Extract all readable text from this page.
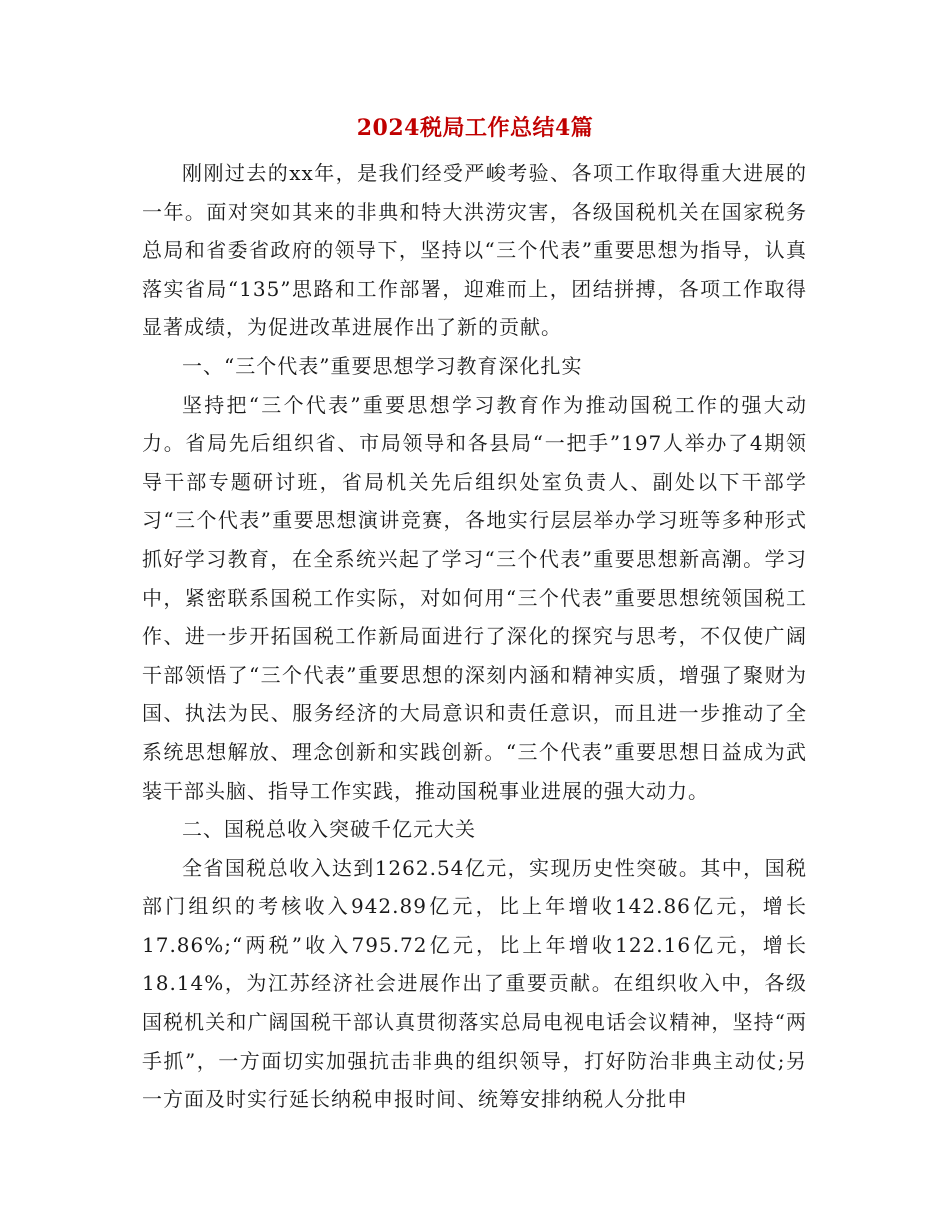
2024税局工作总结4篇

刚刚过去的xx年，是我们经受严峻考验、各项工作取得重大进展的一年。面对突如其来的非典和特大洪涝灾害，各级国税机关在国家税务总局和省委省政府的领导下，坚持以“三个代表”重要思想为指导，认真落实省局“135”思路和工作部署，迎难而上，团结拼搏，各项工作取得显著成绩，为促进改革进展作出了新的贡献。

一、“三个代表”重要思想学习教育深化扎实

坚持把“三个代表”重要思想学习教育作为推动国税工作的强大动力。省局先后组织省、市局领导和各县局“一把手”197人举办了4期领导干部专题研讨班，省局机关先后组织处室负责人、副处以下干部学习“三个代表”重要思想演讲竞赛，各地实行层层举办学习班等多种形式抓好学习教育，在全系统兴起了学习“三个代表”重要思想新高潮。学习中，紧密联系国税工作实际，对如何用“三个代表”重要思想统领国税工作、进一步开拓国税工作新局面进行了深化的探究与思考，不仅使广阔干部领悟了“三个代表”重要思想的深刻内涵和精神实质，增强了聚财为国、执法为民、服务经济的大局意识和责任意识，而且进一步推动了全系统思想解放、理念创新和实践创新。“三个代表”重要思想日益成为武装干部头脑、指导工作实践，推动国税事业进展的强大动力。

二、国税总收入突破千亿元大关

全省国税总收入达到1262.54亿元，实现历史性突破。其中，国税部门组织的考核收入942.89亿元，比上年增收142.86亿元，增长17.86%;“两税”收入795.72亿元，比上年增收122.16亿元，增长18.14%，为江苏经济社会进展作出了重要贡献。在组织收入中，各级国税机关和广阔国税干部认真贯彻落实总局电视电话会议精神，坚持“两手抓”，一方面切实加强抗击非典的组织领导，打好防治非典主动仗;另一方面及时实行延长纳税申报时间、统筹安排纳税人分批申
